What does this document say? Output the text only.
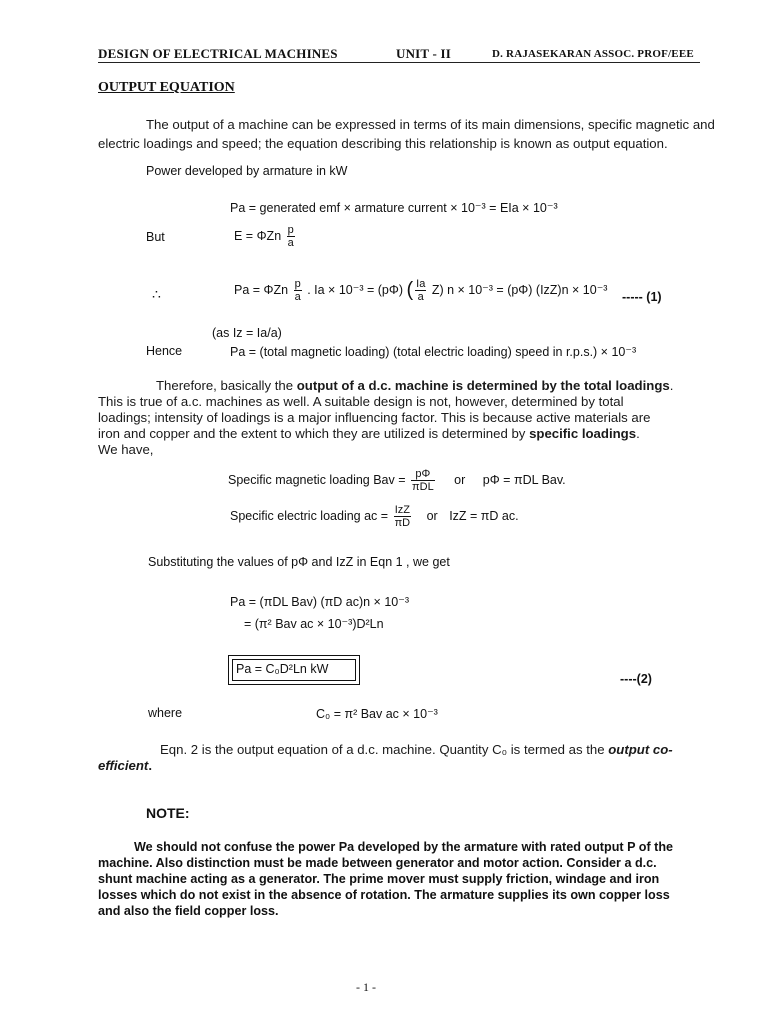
DESIGN OF ELECTRICAL MACHINES	UNIT - II	D. RAJASEKARAN ASSOC. PROF/EEE
OUTPUT EQUATION
The output of a machine can be expressed in terms of its main dimensions, specific magnetic and
electric loadings and speed; the equation describing this relationship is known as output equation.
Power developed by armature in kW
Pa = generated emf × armature current × 10⁻³ = EIa × 10⁻³
But	E = ΦZn $\frac{p}{a}$
∴	Pa = ΦZn $\frac{p}{a}$ . Ia × 10⁻³ = (pΦ) ( $\frac{Ia}{a} Z$) n × 10⁻³ = (pΦ) (IzZ)n × 10⁻³
----- (1)
(as Iz = Ia/a)
Hence	Pa = (total magnetic loading) (total electric loading) speed in r.p.s.) × 10⁻³
Therefore, basically the output of a d.c. machine is determined by the total loadings.
This is true of a.c. machines as well. A suitable design is not, however, determined by total
loadings; intensity of loadings is a major influencing factor. This is because active materials are
iron and copper and the extent to which they are utilized is determined by specific loadings.
We have,
Specific magnetic loading Bav = $\frac{p\Phi}{\text{πDL}}$ or pΦ = πDL Bav.
Specific electric loading ac = $\frac{\text{IzZ}}{\pi D}$ or IzZ = πD ac.
Substituting the values of pΦ and IzZ in Eqn 1 , we get
Pa = (πDL Bav) (πD ac)n × 10⁻³
= (π² Bav ac × 10⁻³)D²Ln
Pa = C₀D²Ln kW
----(2)
where	C₀ = π² Bav ac × 10⁻³
Eqn. 2 is the output equation of a d.c. machine. Quantity C₀ is termed as the output co-
efficient.
NOTE:
We should not confuse the power Pa developed by the armature with rated output P of the
machine. Also distinction must be made between generator and motor action. Consider a d.c.
shunt machine acting as a generator. The prime mover must supply friction, windage and iron
losses which do not exist in the absence of rotation. The armature supplies its own copper loss
and also the field copper loss.
- 1 -
